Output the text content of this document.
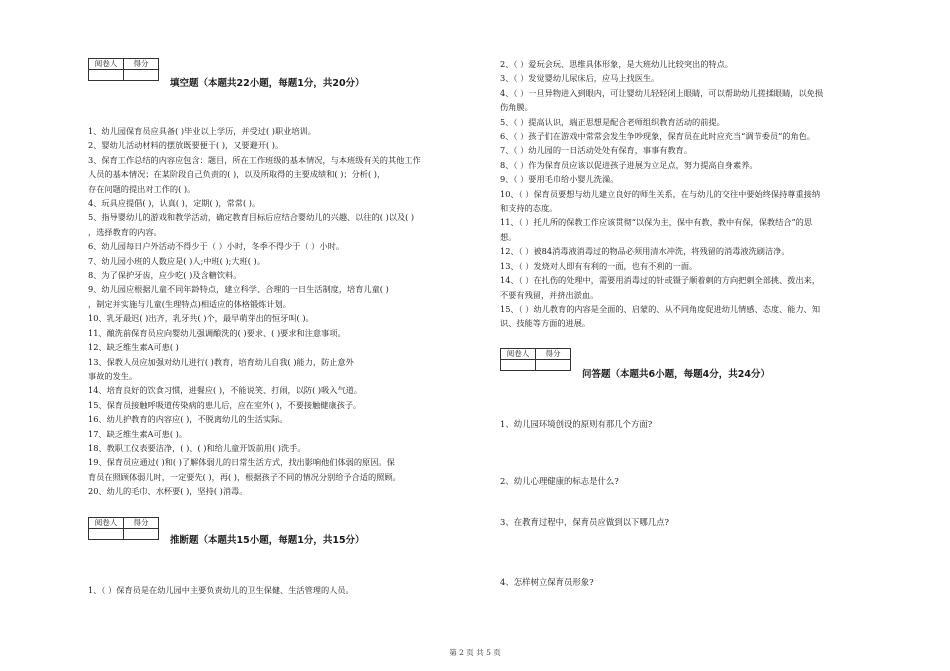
阅卷人	得分

填空题（本题共22小题，每题1分，共20分）
1、幼儿园保育员应具备( )毕业以上学历，并受过( )职业培训。
2、婴幼儿活动材料的摆放既要便于( )，又要避开( )。
3、保育工作总结的内容应包含：题目，所在工作班级的基本情况，与本班级有关的其他工作
人员的基本情况；在某阶段自己负责的( )，以及所取得的主要成绩和( )；分析( )，
存在问题的提出对工作的( )。
4、玩具应提倡( )，认真( )，定期( )，常常( )。
5、指导婴幼儿的游戏和教学活动，确定教育目标后应结合婴幼儿的兴趣、以往的( )以及( )
，选择教育的内容。
6、幼儿园每日户外活动不得少于（ ）小时，冬季不得少于（ ）小时。
7、幼儿园小班的人数应是( )人;中班( );大班( )。
8、为了保护牙齿，应少吃( )及含糖饮料。
9、幼儿园应根据儿童不同年龄特点，建立科学、合理的一日生活制度，培育儿童( )
，制定并实施与儿童(生理特点)相适应的体格锻炼计划。
10、乳牙最迟( )出齐，乳牙共( )个，最早萌芽出的恒牙叫( )。
11、酿洗前保育员应向婴幼儿强调酿洗的( )要求、( )要求和注意事项。
12、缺乏维生素A可患( )
13、保教人员应加强对幼儿进行( )教育，培育幼儿自我( )能力，防止意外
事故的发生。
14、培育良好的饮食习惯，进餐应( )，不能说笑、打闹，以防( )吸入气道。
15、保育员接触呼吸道传染病的患儿后，应在室外( )，不要接触健康孩子。
16、幼儿护教育的内容应( )，不脱离幼儿的生活实际。
17、缺乏维生素A可患( )。
18、教职工仪表要洁净，( )、( )和给儿童开饭前用( )洗手。
19、保育员应通过( )和( )了解体弱儿的日常生活方式，找出影响他们体弱的原因。保
育员在照顾体弱儿时，一定要先( )，再( )，根据孩子不同的情况分别给予合适的照顾。
20、幼儿的毛巾、水杯要( )，坚持( )消毒。
阅卷人	得分

推断题（本题共15小题，每题1分，共15分）
1、（ ）保育员是在幼儿园中主要负责幼儿的卫生保健、生活管理的人员。
2、（ ）爱玩会玩、思维具体形象，是大班幼儿比较突出的特点。
3、（ ）发觉婴幼儿尿床后，应马上找医生。
4、（ ）一旦异物进入到眼内，可让婴幼儿轻轻闭上眼睛，可以帮助幼儿搓揉眼睛，以免损
伤角膜。
5、（ ）提高认识，端正思想是配合老师组织教育活动的前提。
6、（ ）孩子们在游戏中常常会发生争吵现象，保育员在此时应充当“调节委员”的角色。
7、（ ）幼儿园的一日活动处处有保育，事事有教育。
8、（ ）作为保育员应该以促进孩子进展为立足点，努力提高自身素养。
9、（ ）要用毛巾给小婴儿洗澡。
10、（ ）保育员要想与幼儿建立良好的师生关系，在与幼儿的交往中要始终保持尊重接纳
和支持的态度。
11、（ ）托儿所的保教工作应该贯彻“以保为主，保中有教，教中有保，保教结合”的思
想。
12、（ ）被84消毒液消毒过的物品必须用清水冲洗，将残留的消毒液洗刷洁净。
13、（ ）发烧对人即有有利的一面，也有不利的一面。
14、（ ）在扎伤的处理中，需要用消毒过的针或镊子顺着刺的方向把刺全部挑、拨出来，
不要有残留，并挤出淤血。
15、（ ）幼儿教育的内容是全面的、启蒙的、从不同角度促进幼儿情感、态度、能力、知
识、技能等方面的进展。
阅卷人	得分

问答题（本题共6小题，每题4分，共24分）
1、幼儿园环境创设的原则有那几个方面?
2、幼儿心理健康的标志是什么?
3、在教育过程中，保育员应做到以下哪几点?
4、怎样树立保育员形象?
第 2 页 共 5 页
